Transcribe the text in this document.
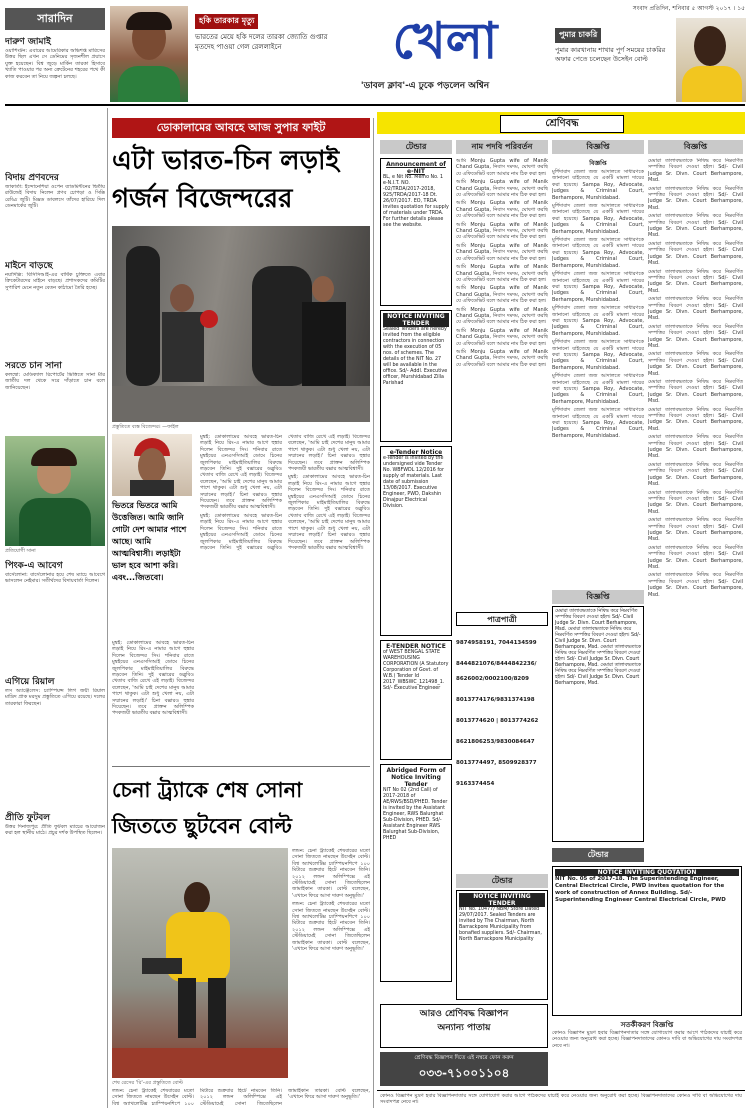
সংবাদ প্রতিদিন, শনিবার ৫ আগস্ট ২০১৭ । ১৫
সারাদিন	হকি তারকার মৃত্যু
ভারতের মেয়ে হকি দলের তারকা জ্যোতি গুপ্তার মৃতদেহ পাওয়া গেল রেললাইনে	খেলা	পুমার চাকরি
পুমার কারখানায় শাখার পুর্ণ সময়ের চাকরির অফার পেতে চলেছেন উসেইন বোল্ট
'ডাবল ক্লাব'-এ ঢুকে পড়লেন অশ্বিন
দারুণ জামাই

ওয়াশিংটন: এবারের আমেরিকার অভিশপ্ত মারিসের উত্তর ছিল এখন সে ডেনিমের সৃজনশীল প্রয়াসে যুক্ত হয়েছেন। বিশ্ব জুড়ে মার্কিন তারকা হিসাবে খ্যাতি পাওয়ার পর অন্য ক্রেটেনের শহরের পথে কী কাজ করবেন তা নিয়ে জল্পনা চলছে।

বিদায় প্রণবদের

জাকার্তা: ইন্দোনেশিয়া ওপেন ব্যাডমিন্টনের দ্বিতীয় রাউন্ডেই বিদায় নিলেন প্রণব চোপড়া ও সিক্কি রেড্ডি জুটি। মিক্সড ডাবলসে তাঁদের হারিয়ে দিল ডেনমার্কের জুটি।

মাইনে বাড়ছে

নয়াদিল্লি: বিসিসিআই-এর বার্ষিক চুক্তিতে এবার ক্রিকেটারদের মাইনে বাড়ছে। প্রশাসকদের কমিটির সুপারিশ মেনে নতুন বেতন কাঠামো তৈরি হচ্ছে।

সরতে চান সানা

কলম্বো: মেডিক্যাল রিপোর্টের ভিত্তিতে সানা মীর জাতীয় দল থেকে সরে দাঁড়াতে চান বলে জানিয়েছেন।

প্রতিযোগী সানা
পিংক-এ আবেগ

বার্সেলোনা: বার্সেলোনার হয়ে শেষ ম্যাচে আবেগে ভাসলেন নেইমার। সতীর্থদের বিদায়বার্তা দিলেন।

এগিয়ে রিয়াল

লস অ্যাঞ্জেলেস: চ্যাম্পিয়ন্স লিগ জয়ী রিয়াল মাদ্রিদ প্রাক মরসুম প্রস্তুতিতে এগিয়ে রয়েছে। দলের তারকারা ফিরছেন।

প্রীতি ফুটবল

উত্তর দিনাজপুর: প্রীতি ফুটবল ম্যাচের আয়োজন করা হল স্থানীয় মাঠে। প্রচুর দর্শক উপস্থিত ছিলেন।

ডোকালামের আবহে আজ সুপার ফাইট
এটা ভারত-চিন লড়াই
গর্জন বিজেন্দরের
প্রস্তুতিতে ব্যস্ত বিজেন্দর। —ফাইল
ভিতরে ভিতরে আমি উত্তেজিত। আমি জানি গোটা দেশ আমার পাশে আছে। আমি আত্মবিশ্বাসী। লড়াইটা ভাল হবে আশা করি। এবং...জিতবো।

মুম্বই: ডোকালামের আবহে ভারত-চিন লড়াই নিয়ে রিং-এ নামার আগে হুঙ্কার দিলেন বিজেন্দর সিং। শনিবার রাতে মুম্বইয়ের এনএসসিআই ডোমে চিনের জুলপিকার মাইমাইতিয়ালির বিরুদ্ধে লড়বেন তিনি। দুই বক্সারের ডব্লুবিও খেতাব বাজি রেখে এই লড়াই। বিজেন্দর বলেছেন, 'আমি চাই দেশের মানুষ আমার পাশে থাকুক। এটা শুধু খেলা নয়, এটা সম্মানের লড়াই।' চিনা বক্সারও হুঙ্কার দিয়েছেন। তবে প্রাক্তন অলিম্পিক পদকজয়ী ভারতীয় বক্সার আত্মবিশ্বাসী।

মুম্বই: ডোকালামের আবহে ভারত-চিন লড়াই নিয়ে রিং-এ নামার আগে হুঙ্কার দিলেন বিজেন্দর সিং। শনিবার রাতে মুম্বইয়ের এনএসসিআই ডোমে চিনের জুলপিকার মাইমাইতিয়ালির বিরুদ্ধে লড়বেন তিনি। দুই বক্সারের ডব্লুবিও খেতাব বাজি রেখে এই লড়াই। বিজেন্দর বলেছেন, 'আমি চাই দেশের মানুষ আমার পাশে থাকুক। এটা শুধু খেলা নয়, এটা সম্মানের লড়াই।' চিনা বক্সারও হুঙ্কার দিয়েছেন। তবে প্রাক্তন অলিম্পিক পদকজয়ী ভারতীয় বক্সার আত্মবিশ্বাসী।

মুম্বই: ডোকালামের আবহে ভারত-চিন লড়াই নিয়ে রিং-এ নামার আগে হুঙ্কার দিলেন বিজেন্দর সিং। শনিবার রাতে মুম্বইয়ের এনএসসিআই ডোমে চিনের জুলপিকার মাইমাইতিয়ালির বিরুদ্ধে লড়বেন তিনি। দুই বক্সারের ডব্লুবিও খেতাব বাজি রেখে এই লড়াই। বিজেন্দর বলেছেন, 'আমি চাই দেশের মানুষ আমার পাশে থাকুক। এটা শুধু খেলা নয়, এটা সম্মানের লড়াই।' চিনা বক্সারও হুঙ্কার দিয়েছেন। তবে প্রাক্তন অলিম্পিক পদকজয়ী ভারতীয় বক্সার আত্মবিশ্বাসী।

মুম্বই: ডোকালামের আবহে ভারত-চিন লড়াই নিয়ে রিং-এ নামার আগে হুঙ্কার দিলেন বিজেন্দর সিং। শনিবার রাতে মুম্বইয়ের এনএসসিআই ডোমে চিনের জুলপিকার মাইমাইতিয়ালির বিরুদ্ধে লড়বেন তিনি। দুই বক্সারের ডব্লুবিও খেতাব বাজি রেখে এই লড়াই। বিজেন্দর বলেছেন, 'আমি চাই দেশের মানুষ আমার পাশে থাকুক। এটা শুধু খেলা নয়, এটা সম্মানের লড়াই।' চিনা বক্সারও হুঙ্কার দিয়েছেন। তবে প্রাক্তন অলিম্পিক পদকজয়ী ভারতীয় বক্সার আত্মবিশ্বাসী।

চেনা ট্র্যাকে শেষ সোনা
জিততে ছুটবেন বোল্ট
শেষ রেসের 'রি'-এর প্রস্তুতিতে বোল্ট

লন্ডন: চেনা ট্র্যাকেই শেষবারের মতো সোনা জিততে নামছেন উসেইন বোল্ট। বিশ্ব অ্যাথলেটিক্স চ্যাম্পিয়নশিপে ১০০ মিটারে শুক্রবার হিটে নামবেন তিনি। ২০১২ লন্ডন অলিম্পিক্সে এই স্টেডিয়ামেই সোনা জিতেছিলেন জামাইকান তারকা। বোল্ট বলেছেন, 'এখানে ফিরে আসা দারুণ অনুভূতি।'

লন্ডন: চেনা ট্র্যাকেই শেষবারের মতো সোনা জিততে নামছেন উসেইন বোল্ট। বিশ্ব অ্যাথলেটিক্স চ্যাম্পিয়নশিপে ১০০ মিটারে শুক্রবার হিটে নামবেন তিনি। ২০১২ লন্ডন অলিম্পিক্সে এই স্টেডিয়ামেই সোনা জিতেছিলেন জামাইকান তারকা। বোল্ট বলেছেন, 'এখানে ফিরে আসা দারুণ অনুভূতি।'

লন্ডন: চেনা ট্র্যাকেই শেষবারের মতো সোনা জিততে নামছেন উসেইন বোল্ট। বিশ্ব অ্যাথলেটিক্স চ্যাম্পিয়নশিপে ১০০ মিটারে শুক্রবার হিটে নামবেন তিনি। ২০১২ লন্ডন অলিম্পিক্সে এই স্টেডিয়ামেই সোনা জিতেছিলেন জামাইকান তারকা। বোল্ট বলেছেন, 'এখানে ফিরে আসা দারুণ অনুভূতি।'

শ্রেণিবদ্ধ
টেন্ডার	নাম পদবি পরিবর্তন	বিজ্ঞপ্তি	বিজ্ঞপ্তি
Announcement of e-NIT
BL, e Nit No. Memo No. 1 e-N.I.T. NO. -02/TRDA/2017-2018, 925/TRDA/2017-18 Dt. 26/07/2017. EO, TRDA invites quotation for supply of materials under TRDA. For further details please see the website.
NOTICE INVITING TENDER
Sealed Tenders are hereby invited from the eligible contractors in connection with the execution of 05 nos. of schemes. The details of the NIT No. 27 will be available in the office. Sd/- Addl. Executive officer, Murshidabad Zilla Parishad
e-Tender Notice
e-Tender is invited by the undersigned vide Tender No. WBFWDL 12/2016 for supply of materials. Last date of submission 13/08/2017. Executive Engineer, PWD, Dakshin Dinajpur Electrical Division.
E-TENDER NOTICE
of WEST BENGAL STATE WAREHOUSING CORPORATION (A Statutory Corporation of Govt. of W.B.) Tender Id 2017_WBSWC_121498_1. Sd/- Executive Engineer
Abridged Form of Notice Inviting Tender
NIT No 02 (2nd Call) of 2017-2018 of AE/RWS/BSD/PHED. Tender is invited by the Assistant Engineer, RWS Balurghat Sub-Division, PHED. Sd/- Assistant Engineer RWS Balurghat Sub-Division, PHED

আমি Monju Gupta wife of Manik Chand Gupta, নিবাস দমদম, ঘোষণা করছি যে এফিডেভিট বলে আমার নাম ঠিক করা হল।

আমি Monju Gupta wife of Manik Chand Gupta, নিবাস দমদম, ঘোষণা করছি যে এফিডেভিট বলে আমার নাম ঠিক করা হল।

আমি Monju Gupta wife of Manik Chand Gupta, নিবাস দমদম, ঘোষণা করছি যে এফিডেভিট বলে আমার নাম ঠিক করা হল।

আমি Monju Gupta wife of Manik Chand Gupta, নিবাস দমদম, ঘোষণা করছি যে এফিডেভিট বলে আমার নাম ঠিক করা হল।

আমি Monju Gupta wife of Manik Chand Gupta, নিবাস দমদম, ঘোষণা করছি যে এফিডেভিট বলে আমার নাম ঠিক করা হল।

আমি Monju Gupta wife of Manik Chand Gupta, নিবাস দমদম, ঘোষণা করছি যে এফিডেভিট বলে আমার নাম ঠিক করা হল।

আমি Monju Gupta wife of Manik Chand Gupta, নিবাস দমদম, ঘোষণা করছি যে এফিডেভিট বলে আমার নাম ঠিক করা হল।

আমি Monju Gupta wife of Manik Chand Gupta, নিবাস দমদম, ঘোষণা করছি যে এফিডেভিট বলে আমার নাম ঠিক করা হল।

আমি Monju Gupta wife of Manik Chand Gupta, নিবাস দমদম, ঘোষণা করছি যে এফিডেভিট বলে আমার নাম ঠিক করা হল।

আমি Monju Gupta wife of Manik Chand Gupta, নিবাস দমদম, ঘোষণা করছি যে এফিডেভিট বলে আমার নাম ঠিক করা হল।

পাত্রপাত্রী
9874958191, 7044134599
8444821076/8444842236/
8626002/0002100/8209
8013774176/9831374198
8013774620 | 8013774262
8621806253/9830084647
8013774497, 8509928377
9163374454
টেন্ডার
NOTICE INVITING TENDER
NIT No. 10477/ NBM/ Store Dated 29/07/2017. Sealed Tenders are invited by The Chairman, North Barrackpore Municipality from bonafied suppliers. Sd/- Chairman, North Barrackpore Municipality
বিজ্ঞপ্তি

মুর্শিদাবাদ জেলা জজ আদালতে সাধারণকে জানানো যাইতেছে যে একটি মামলা দায়ের করা হয়েছে। Sampa Roy, Advocate, Judges & Criminal Court, Berhampore, Murshidabad.

মুর্শিদাবাদ জেলা জজ আদালতে সাধারণকে জানানো যাইতেছে যে একটি মামলা দায়ের করা হয়েছে। Sampa Roy, Advocate, Judges & Criminal Court, Berhampore, Murshidabad.

মুর্শিদাবাদ জেলা জজ আদালতে সাধারণকে জানানো যাইতেছে যে একটি মামলা দায়ের করা হয়েছে। Sampa Roy, Advocate, Judges & Criminal Court, Berhampore, Murshidabad.

মুর্শিদাবাদ জেলা জজ আদালতে সাধারণকে জানানো যাইতেছে যে একটি মামলা দায়ের করা হয়েছে। Sampa Roy, Advocate, Judges & Criminal Court, Berhampore, Murshidabad.

মুর্শিদাবাদ জেলা জজ আদালতে সাধারণকে জানানো যাইতেছে যে একটি মামলা দায়ের করা হয়েছে। Sampa Roy, Advocate, Judges & Criminal Court, Berhampore, Murshidabad.

মুর্শিদাবাদ জেলা জজ আদালতে সাধারণকে জানানো যাইতেছে যে একটি মামলা দায়ের করা হয়েছে। Sampa Roy, Advocate, Judges & Criminal Court, Berhampore, Murshidabad.

মুর্শিদাবাদ জেলা জজ আদালতে সাধারণকে জানানো যাইতেছে যে একটি মামলা দায়ের করা হয়েছে। Sampa Roy, Advocate, Judges & Criminal Court, Berhampore, Murshidabad.

মুর্শিদাবাদ জেলা জজ আদালতে সাধারণকে জানানো যাইতেছে যে একটি মামলা দায়ের করা হয়েছে। Sampa Roy, Advocate, Judges & Criminal Court, Berhampore, Murshidabad.

বিজ্ঞপ্তি
মেমারা তালাবদ্ধতাকে নিষিদ্ধ করে নিম্নবর্ণিত সম্পত্তির বিবরণ দেওয়া হইল। Sd/- Civil Judge Sr. Divn. Court Berhampore, Msd. মেমারা তালাবদ্ধতাকে নিষিদ্ধ করে নিম্নবর্ণিত সম্পত্তির বিবরণ দেওয়া হইল। Sd/- Civil Judge Sr. Divn. Court Berhampore, Msd. মেমারা তালাবদ্ধতাকে নিষিদ্ধ করে নিম্নবর্ণিত সম্পত্তির বিবরণ দেওয়া হইল। Sd/- Civil Judge Sr. Divn. Court Berhampore, Msd. মেমারা তালাবদ্ধতাকে নিষিদ্ধ করে নিম্নবর্ণিত সম্পত্তির বিবরণ দেওয়া হইল। Sd/- Civil Judge Sr. Divn. Court Berhampore, Msd.
টেন্ডার
NOTICE INVITING QUOTATION
NIT No. 05 of 2017-18. The Superintending Engineer, Central Electrical Circle, PWD invites quotation for the work of construction of Annex Building. Sd/- Superintending Engineer Central Electrical Circle, PWD

মেমারা তালাবদ্ধতাকে নিষিদ্ধ করে নিম্নবর্ণিত সম্পত্তির বিবরণ দেওয়া হইল। Sd/- Civil Judge Sr. Divn. Court Berhampore, Msd.

মেমারা তালাবদ্ধতাকে নিষিদ্ধ করে নিম্নবর্ণিত সম্পত্তির বিবরণ দেওয়া হইল। Sd/- Civil Judge Sr. Divn. Court Berhampore, Msd.

মেমারা তালাবদ্ধতাকে নিষিদ্ধ করে নিম্নবর্ণিত সম্পত্তির বিবরণ দেওয়া হইল। Sd/- Civil Judge Sr. Divn. Court Berhampore, Msd.

মেমারা তালাবদ্ধতাকে নিষিদ্ধ করে নিম্নবর্ণিত সম্পত্তির বিবরণ দেওয়া হইল। Sd/- Civil Judge Sr. Divn. Court Berhampore, Msd.

মেমারা তালাবদ্ধতাকে নিষিদ্ধ করে নিম্নবর্ণিত সম্পত্তির বিবরণ দেওয়া হইল। Sd/- Civil Judge Sr. Divn. Court Berhampore, Msd.

মেমারা তালাবদ্ধতাকে নিষিদ্ধ করে নিম্নবর্ণিত সম্পত্তির বিবরণ দেওয়া হইল। Sd/- Civil Judge Sr. Divn. Court Berhampore, Msd.

মেমারা তালাবদ্ধতাকে নিষিদ্ধ করে নিম্নবর্ণিত সম্পত্তির বিবরণ দেওয়া হইল। Sd/- Civil Judge Sr. Divn. Court Berhampore, Msd.

মেমারা তালাবদ্ধতাকে নিষিদ্ধ করে নিম্নবর্ণিত সম্পত্তির বিবরণ দেওয়া হইল। Sd/- Civil Judge Sr. Divn. Court Berhampore, Msd.

মেমারা তালাবদ্ধতাকে নিষিদ্ধ করে নিম্নবর্ণিত সম্পত্তির বিবরণ দেওয়া হইল। Sd/- Civil Judge Sr. Divn. Court Berhampore, Msd.

মেমারা তালাবদ্ধতাকে নিষিদ্ধ করে নিম্নবর্ণিত সম্পত্তির বিবরণ দেওয়া হইল। Sd/- Civil Judge Sr. Divn. Court Berhampore, Msd.

মেমারা তালাবদ্ধতাকে নিষিদ্ধ করে নিম্নবর্ণিত সম্পত্তির বিবরণ দেওয়া হইল। Sd/- Civil Judge Sr. Divn. Court Berhampore, Msd.

মেমারা তালাবদ্ধতাকে নিষিদ্ধ করে নিম্নবর্ণিত সম্পত্তির বিবরণ দেওয়া হইল। Sd/- Civil Judge Sr. Divn. Court Berhampore, Msd.

মেমারা তালাবদ্ধতাকে নিষিদ্ধ করে নিম্নবর্ণিত সম্পত্তির বিবরণ দেওয়া হইল। Sd/- Civil Judge Sr. Divn. Court Berhampore, Msd.

মেমারা তালাবদ্ধতাকে নিষিদ্ধ করে নিম্নবর্ণিত সম্পত্তির বিবরণ দেওয়া হইল। Sd/- Civil Judge Sr. Divn. Court Berhampore, Msd.

মেমারা তালাবদ্ধতাকে নিষিদ্ধ করে নিম্নবর্ণিত সম্পত্তির বিবরণ দেওয়া হইল। Sd/- Civil Judge Sr. Divn. Court Berhampore, Msd.

মেমারা তালাবদ্ধতাকে নিষিদ্ধ করে নিম্নবর্ণিত সম্পত্তির বিবরণ দেওয়া হইল। Sd/- Civil Judge Sr. Divn. Court Berhampore, Msd.

আরও শ্রেণিবদ্ধ বিজ্ঞাপন
অন্যান্য পাতায়
শ্রেণিবদ্ধ বিজ্ঞাপন দিতে এই নম্বরে ফোন করুন
০৩৩-৭১০০১১০৪
সতর্কীকরণ বিজ্ঞপ্তি

কোনও বিজ্ঞাপন মুদ্রণ হবার বিজ্ঞাপনদাতার সঙ্গে যোগাযোগ করার আগে পাঠকদের যাচাই করে নেওয়ার জন্য অনুরোধ করা হচ্ছে। বিজ্ঞাপনদাতাদের কোনও দাবি বা অভিযোগের দায় সংবাদপত্র নেবে না।

কোনও বিজ্ঞাপন মুদ্রণ হবার বিজ্ঞাপনদাতার সঙ্গে যোগাযোগ করার আগে পাঠকদের যাচাই করে নেওয়ার জন্য অনুরোধ করা হচ্ছে। বিজ্ঞাপনদাতাদের কোনও দাবি বা অভিযোগের দায় সংবাদপত্র নেবে না।
